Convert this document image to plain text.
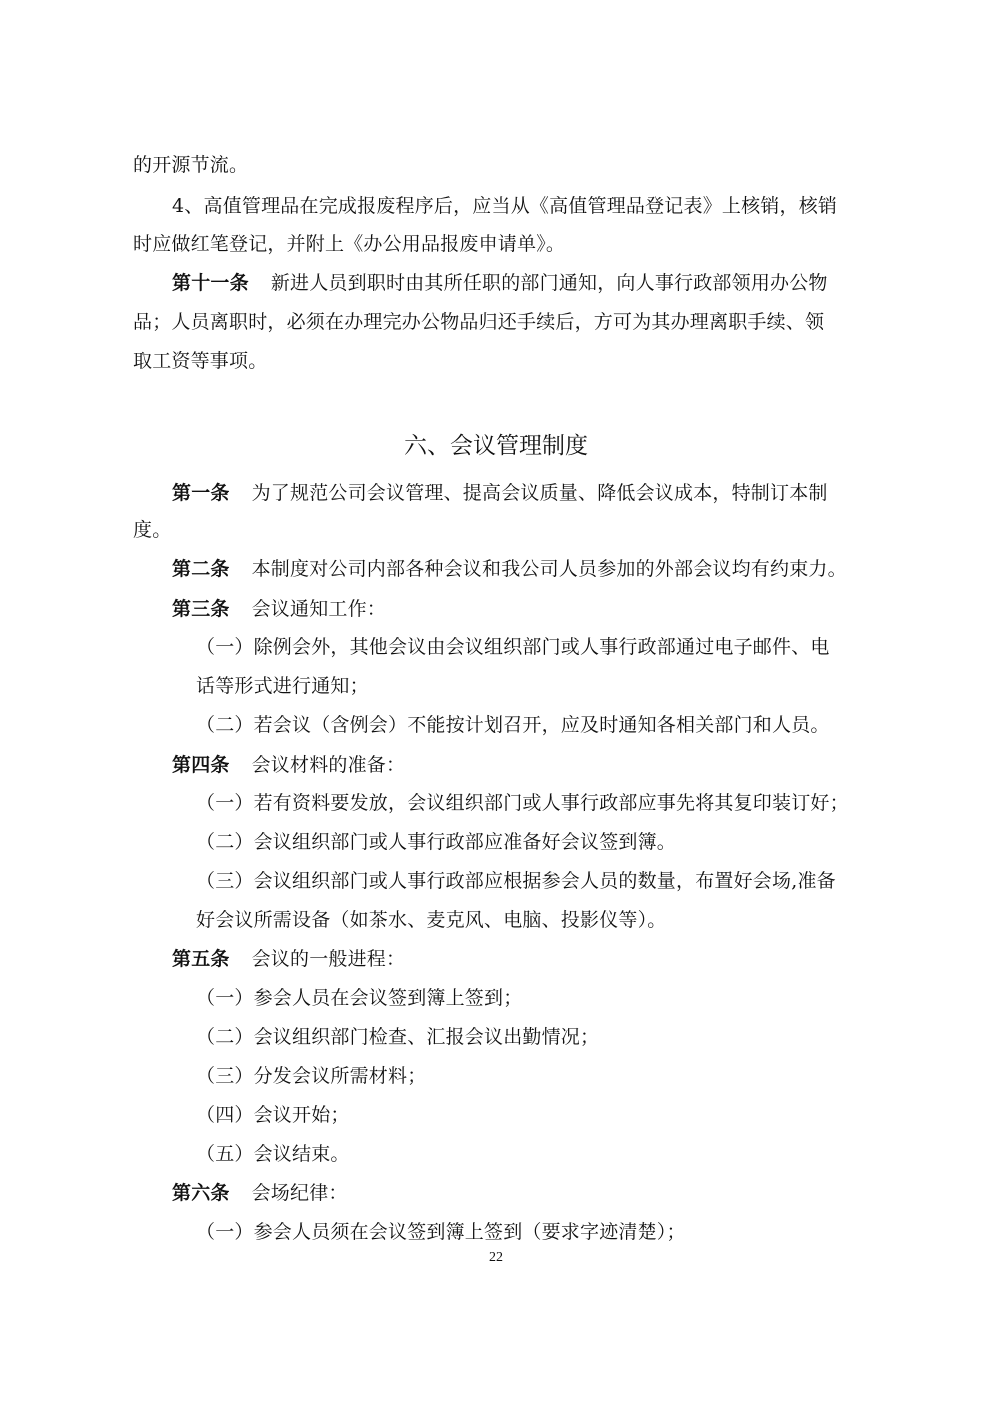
的开源节流。
4、高值管理品在完成报废程序后，应当从《高值管理品登记表》上核销，核销
时应做红笔登记，并附上《办公用品报废申请单》。
第十一条 新进人员到职时由其所任职的部门通知，向人事行政部领用办公物
品；人员离职时，必须在办理完办公物品归还手续后，方可为其办理离职手续、领
取工资等事项。
六、会议管理制度
第一条 为了规范公司会议管理、提高会议质量、降低会议成本，特制订本制
度。
第二条 本制度对公司内部各种会议和我公司人员参加的外部会议均有约束力。
第三条 会议通知工作：
（一）除例会外，其他会议由会议组织部门或人事行政部通过电子邮件、电
话等形式进行通知；
（二）若会议（含例会）不能按计划召开，应及时通知各相关部门和人员。
第四条 会议材料的准备：
（一）若有资料要发放，会议组织部门或人事行政部应事先将其复印装订好；
（二）会议组织部门或人事行政部应准备好会议签到簿。
（三）会议组织部门或人事行政部应根据参会人员的数量，布置好会场,准备
好会议所需设备（如茶水、麦克风、电脑、投影仪等）。
第五条 会议的一般进程：
（一）参会人员在会议签到簿上签到；
（二）会议组织部门检查、汇报会议出勤情况；
（三）分发会议所需材料；
（四）会议开始；
（五）会议结束。
第六条 会场纪律：
（一）参会人员须在会议签到簿上签到（要求字迹清楚）；
22
